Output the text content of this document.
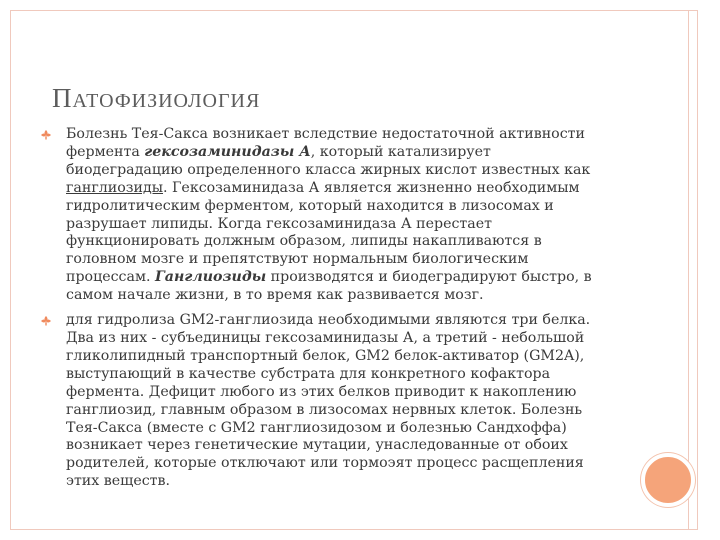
ПАТОФИЗИОЛОГИЯ
Болезнь Тея-Сакса возникает вследствие недостаточной активности фермента гексозаминидазы А, который катализирует биодеградацию определенного класса жирных кислот известных как ганглиозиды. Гексозаминидаза А является жизненно необходимым гидролитическим ферментом, который находится в лизосомах и разрушает липиды. Когда гексозаминидаза А перестает функционировать должным образом, липиды накапливаются в головном мозге и препятствуют нормальным биологическим процессам. Ганглиозиды производятся и биодеградируют быстро, в самом начале жизни, в то время как развивается мозг.
для гидролиза GM2-ганглиозида необходимыми являются три белка. Два из них - субъединицы гексозаминидазы А, а третий - небольшой гликолипидный транспортный белок, GM2 белок-активатор (GM2A), выступающий в качестве субстрата для конкретного кофактора фермента. Дефицит любого из этих белков приводит к накоплению ганглиозид, главным образом в лизосомах нервных клеток. Болезнь Тея-Сакса (вместе с GM2 ганглиозидозом и болезнью Сандхоффа) возникает через генетические мутации, унаследованные от обоих родителей, которые отключают или тормоэят процесс расщепления этих веществ.
